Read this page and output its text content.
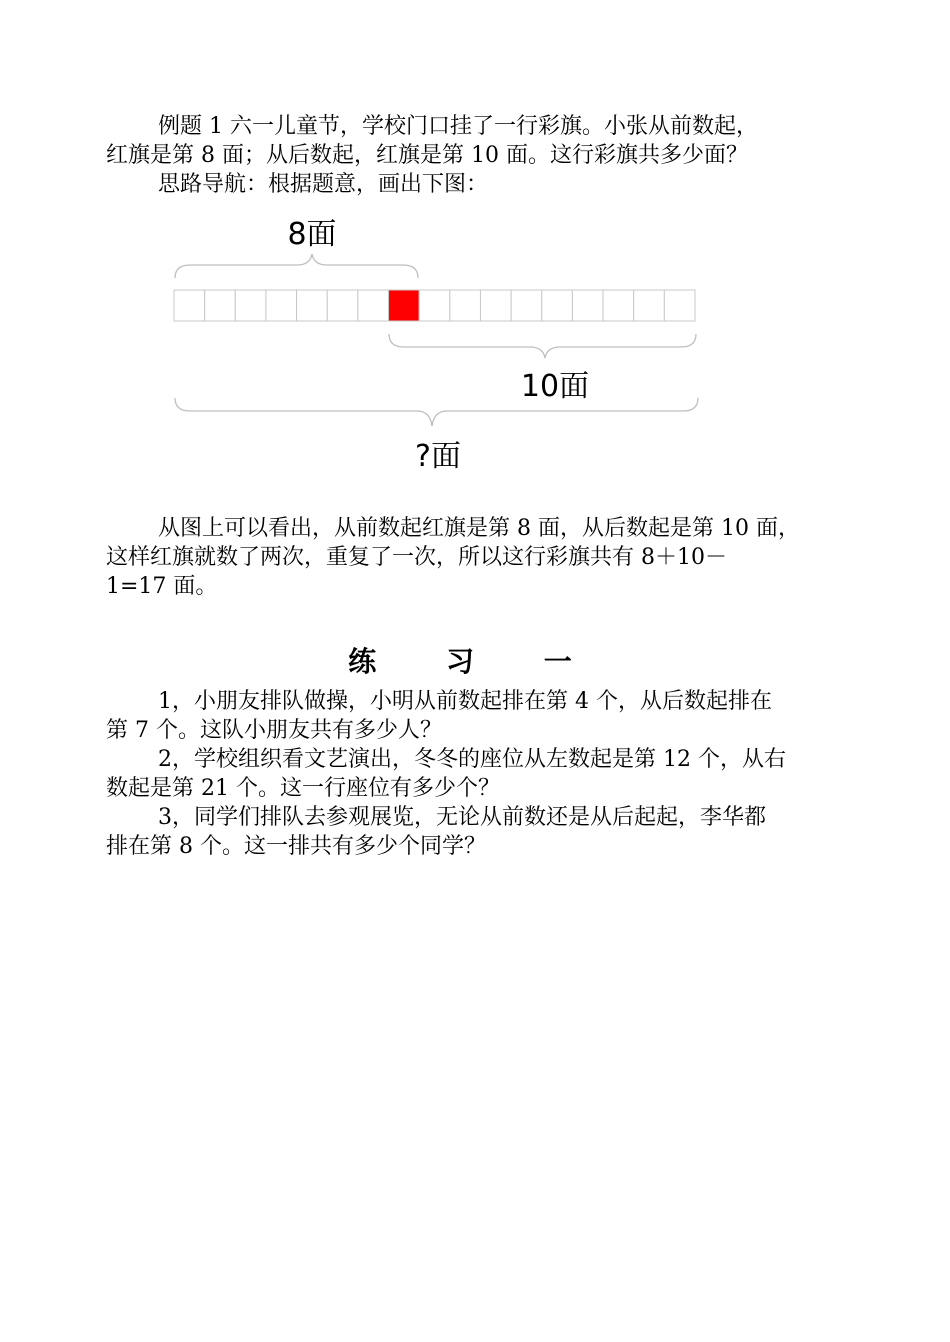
例题 1 六一儿童节，学校门口挂了一行彩旗。小张从前数起，
红旗是第 8 面；从后数起，红旗是第 10 面。这行彩旗共多少面？
思路导航：根据题意，画出下图：
8面
10面
?面
从图上可以看出，从前数起红旗是第 8 面，从后数起是第 10 面，
这样红旗就数了两次，重复了一次，所以这行彩旗共有 8＋10－
1=17 面。
练 习 一
1，小朋友排队做操，小明从前数起排在第 4 个，从后数起排在
第 7 个。这队小朋友共有多少人？
2，学校组织看文艺演出，冬冬的座位从左数起是第 12 个，从右
数起是第 21 个。这一行座位有多少个？
3，同学们排队去参观展览，无论从前数还是从后起起，李华都
排在第 8 个。这一排共有多少个同学？
